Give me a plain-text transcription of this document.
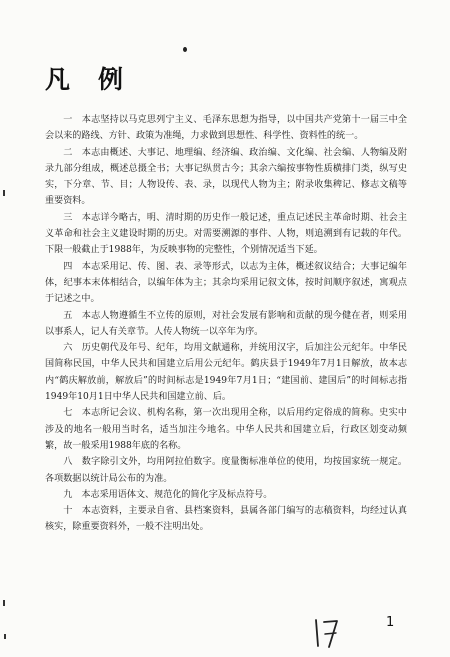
凡 例

一　本志坚持以马克思列宁主义、毛泽东思想为指导，以中国共产党第十一届三中全会以来的路线、方针、政策为准绳，力求做到思想性、科学性、资料性的统一。

二　本志由概述、大事记、地理编、经济编、政治编、文化编、社会编、人物编及附录九部分组成，概述总摄全书；大事记纵贯古今；其余六编按事物性质横排门类，纵写史实，下分章、节、目；人物设传、表、录，以现代人物为主；附录收集稗记、修志文稿等重要资料。

三　本志详今略古，明、清时期的历史作一般记述，重点记述民主革命时期、社会主义革命和社会主义建设时期的历史。对需要溯源的事件、人物，则追溯到有记载的年代。下限一般截止于1988年，为反映事物的完整性，个别情况适当下延。

四　本志采用记、传、图、表、录等形式，以志为主体，概述叙议结合；大事记编年体，纪事本末体相结合，以编年体为主；其余均采用记叙文体，按时间顺序叙述，寓观点于记述之中。

五　本志人物遵循生不立传的原则，对社会发展有影响和贡献的现今健在者，则采用以事系人，记人有关章节。人传人物统一以卒年为序。

六　历史朝代及年号、纪年，均用文献通称，并统用汉字，后加注公元纪年。中华民国简称民国，中华人民共和国建立后用公元纪年。鹤庆县于1949年7月1日解放，故本志内“鹤庆解放前，解放后”的时间标志是1949年7月1日；“建国前、建国后”的时间标志指1949年10月1日中华人民共和国建立前、后。

七　本志所记会议、机构名称，第一次出现用全称，以后用约定俗成的简称。史实中涉及的地名一般用当时名，适当加注今地名。中华人民共和国建立后，行政区划变动频繁，故一般采用1988年底的名称。

八　数字除引文外，均用阿拉伯数字。度量衡标准单位的使用，均按国家统一规定。各项数据以统计局公布的为准。

九　本志采用语体文、规范化的简化字及标点符号。

十　本志资料，主要录自省、县档案资料，县属各部门编写的志稿资料，均经过认真核实，除重要资料外，一般不注明出处。

1
